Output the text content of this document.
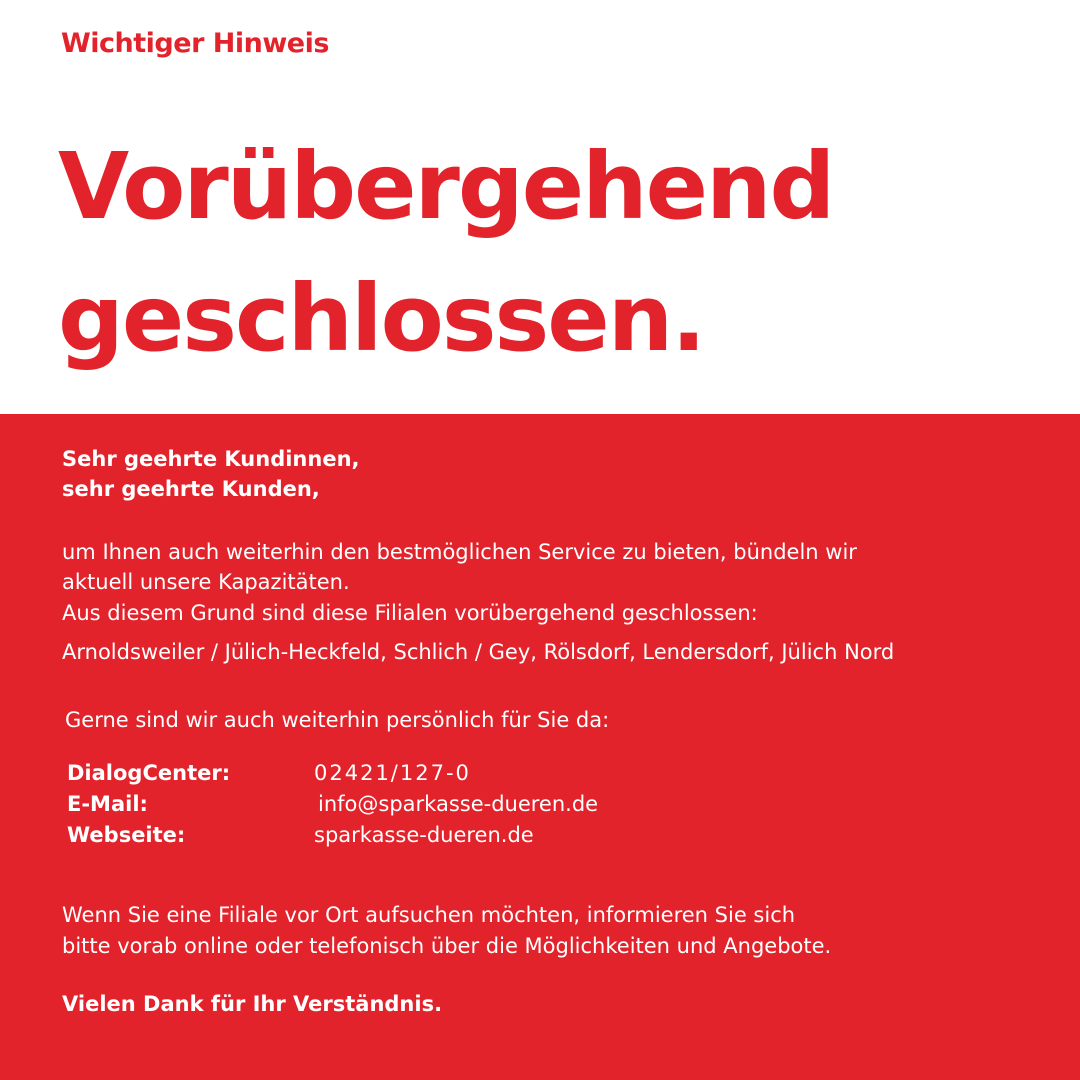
Wichtiger Hinweis
Vorübergehend
geschlossen.
Sehr geehrte Kundinnen,
sehr geehrte Kunden,
um Ihnen auch weiterhin den bestmöglichen Service zu bieten, bündeln wir
aktuell unsere Kapazitäten.
Aus diesem Grund sind diese Filialen vorübergehend geschlossen:
Arnoldsweiler / Jülich-Heckfeld, Schlich / Gey, Rölsdorf, Lendersdorf, Jülich Nord
Gerne sind wir auch weiterhin persönlich für Sie da:
DialogCenter:	02421/127-0
E-Mail:	info@sparkasse-dueren.de
Webseite:	sparkasse-dueren.de
Wenn Sie eine Filiale vor Ort aufsuchen möchten, informieren Sie sich
bitte vorab online oder telefonisch über die Möglichkeiten und Angebote.
Vielen Dank für Ihr Verständnis.
